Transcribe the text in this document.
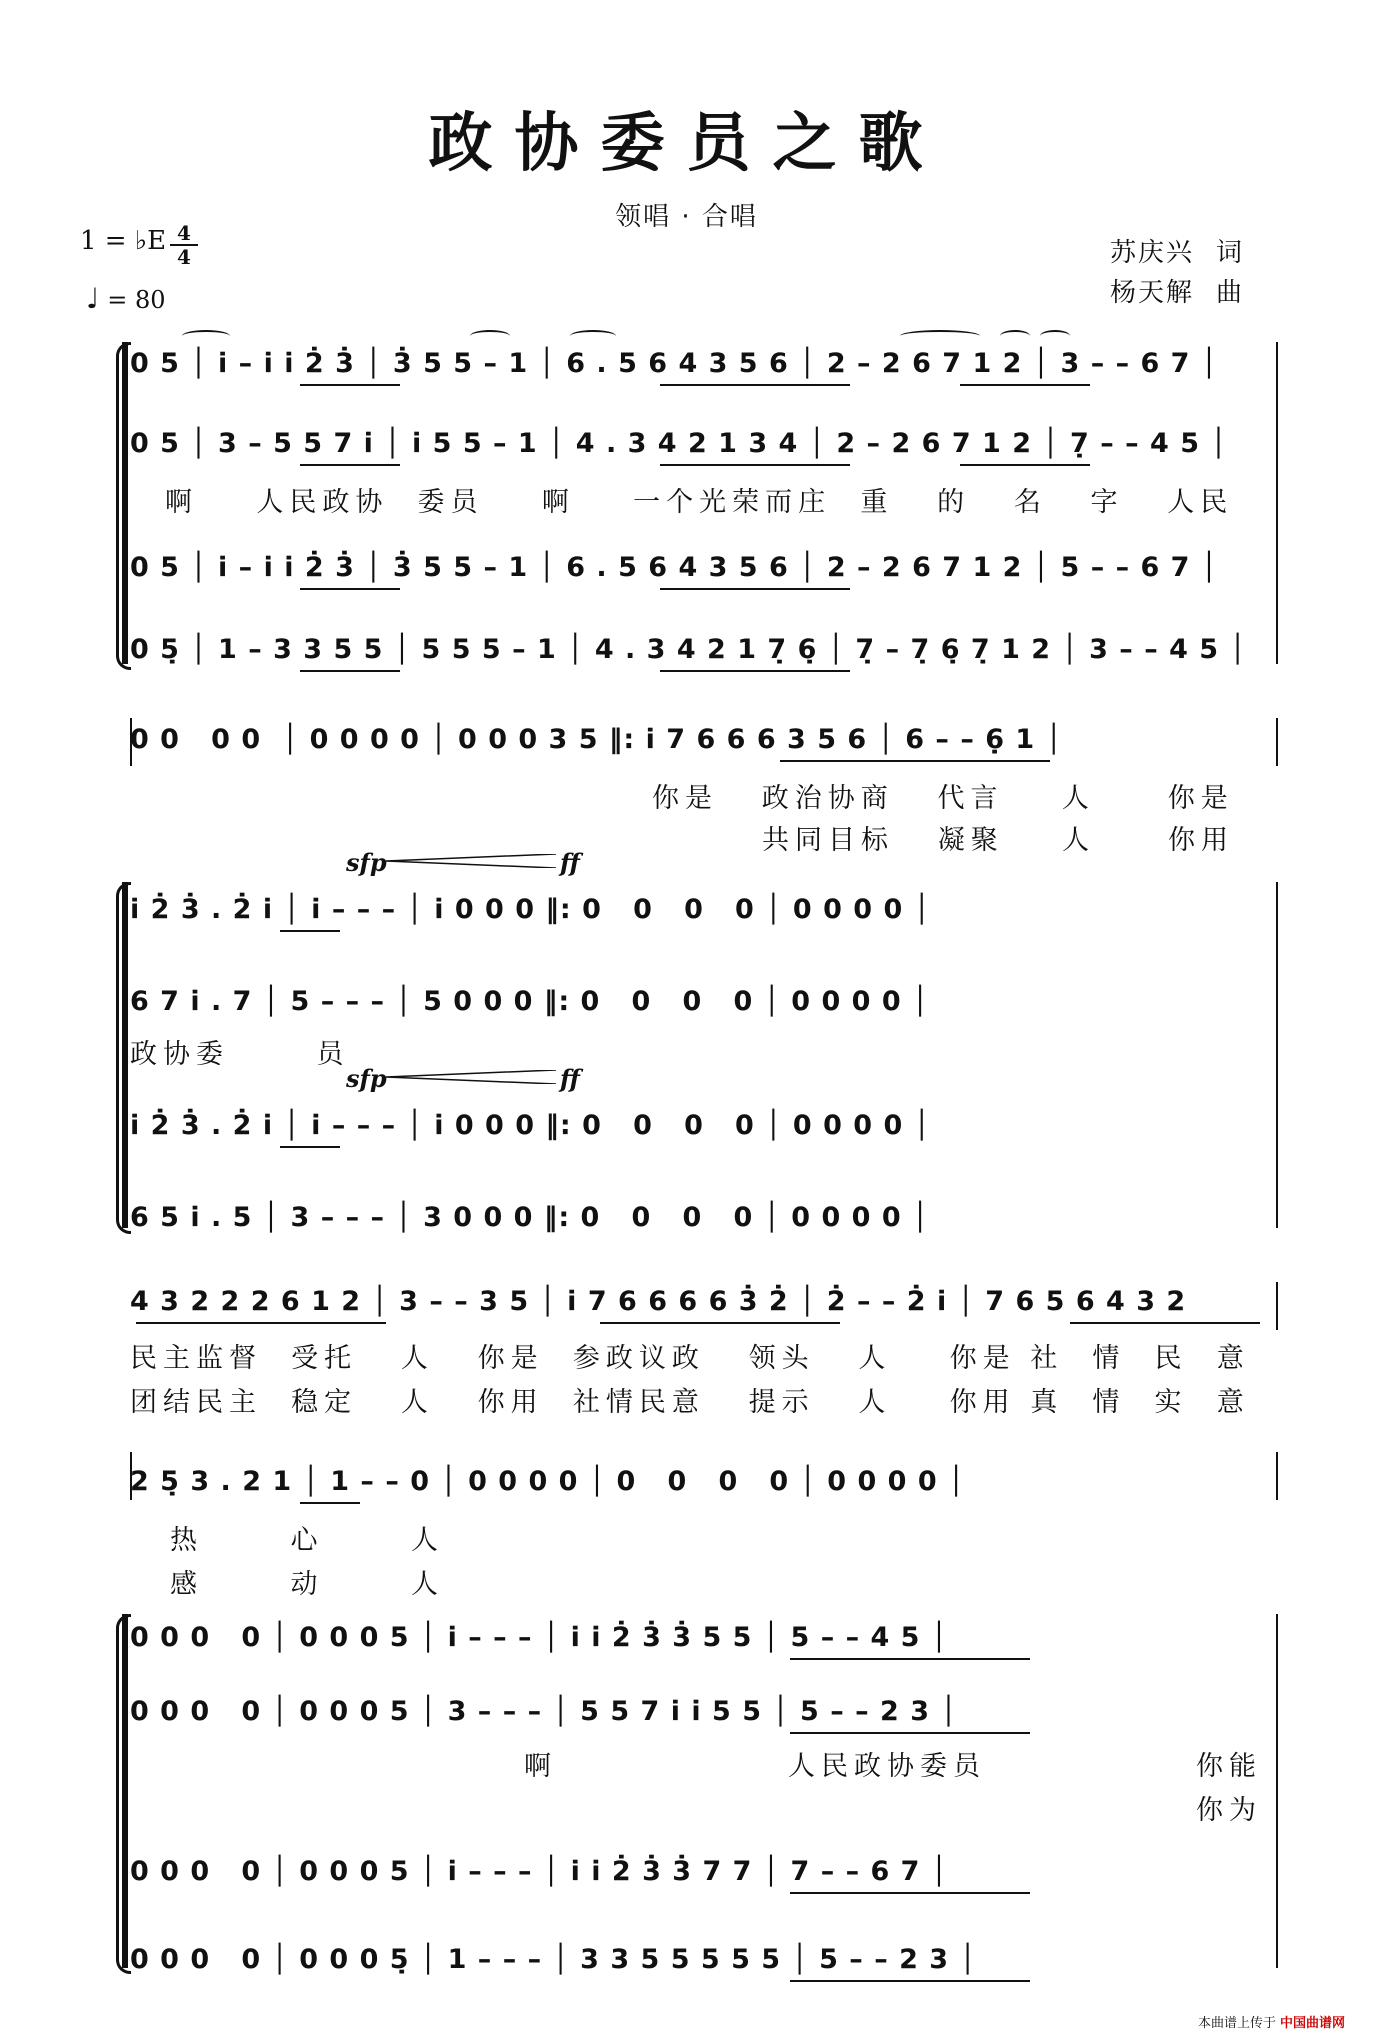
政协委员之歌
领唱 · 合唱
1 = ♭E $\frac{4}{4}$
♩ = 80
苏庆兴 词
杨天解 曲
0 5 │ i̇ – i̇ i̇ 2̇ 3̇ │ 3̇ 5 5 – 1 │ 6 . 5 6 4 3 5 6 │ 2 – 2 6 7 1 2 │ 3 – – 6 7 │
0 5 │ 3 – 5 5 7 i̇ │ i̇ 5 5 – 1 │ 4 . 3 4 2 1 3 4 │ 2 – 2 6 7 1 2 │ 7̣ – – 4 5 │
啊    人民政协  委员    啊    一个光荣而庄  重   的   名   字   人民
0 5 │ i̇ – i̇ i̇ 2̇ 3̇ │ 3̇ 5 5 – 1 │ 6 . 5 6 4 3 5 6 │ 2 – 2 6 7 1 2 │ 5 – – 6 7 │
0 5̣ │ 1 – 3 3 5 5 │ 5 5 5 – 1 │ 4 . 3 4 2 1 7̣ 6̣ │ 7̣ – 7̣ 6̣ 7̣ 1 2 │ 3 – – 4 5 │
0 0   0 0  │ 0 0 0 0 │ 0 0 0 3 5 ‖: i̇ 7 6 6 6 3 5 6 │ 6 – – 6̣ 1 │
你是   政治协商   代言    人     你是
共同目标   凝聚    人     你用
sfp	ff
i̇ 2̇ 3̇ . 2̇ i̇ │ i̇ – – – │ i̇ 0 0 0 ‖: 0   0   0   0 │ 0 0 0 0 │
6 7 i̇ . 7 │ 5 – – – │ 5 0 0 0 ‖: 0   0   0   0 │ 0 0 0 0 │
政协委      员
sfp	ff
i̇ 2̇ 3̇ . 2̇ i̇ │ i̇ – – – │ i̇ 0 0 0 ‖: 0   0   0   0 │ 0 0 0 0 │
6 5 i̇ . 5 │ 3 – – – │ 3 0 0 0 ‖: 0   0   0   0 │ 0 0 0 0 │
4 3 2 2 2 6 1 2 │ 3 – – 3 5 │ i̇ 7 6 6 6 6 3̇ 2̇ │ 2̇ – – 2̇ i̇ │ 7 6 5 6 4 3 2
民主监督  受托   人   你是  参政议政   领头   人    你是 社  情  民  意
团结民主  稳定   人   你用  社情民意   提示   人    你用 真  情  实  意
2 5̣ 3 . 2 1 │ 1 – – 0 │ 0 0 0 0 │ 0   0   0   0 │ 0 0 0 0 │
热      心      人
感      动      人
0 0 0   0 │ 0 0 0 5 │ i̇ – – – │ i̇ i̇ 2̇ 3̇ 3̇ 5 5 │ 5 – – 4 5 │
0 0 0   0 │ 0 0 0 5 │ 3 – – – │ 5 5 7 i̇ i̇ 5 5 │ 5 – – 2 3 │
啊	人民政协委员	你能
你为
0 0 0   0 │ 0 0 0 5 │ i̇ – – – │ i̇ i̇ 2̇ 3̇ 3̇ 7 7 │ 7 – – 6 7 │
0 0 0   0 │ 0 0 0 5̣ │ 1 – – – │ 3 3 5 5 5 5 5 │ 5 – – 2 3 │
本曲谱上传于 中国曲谱网
